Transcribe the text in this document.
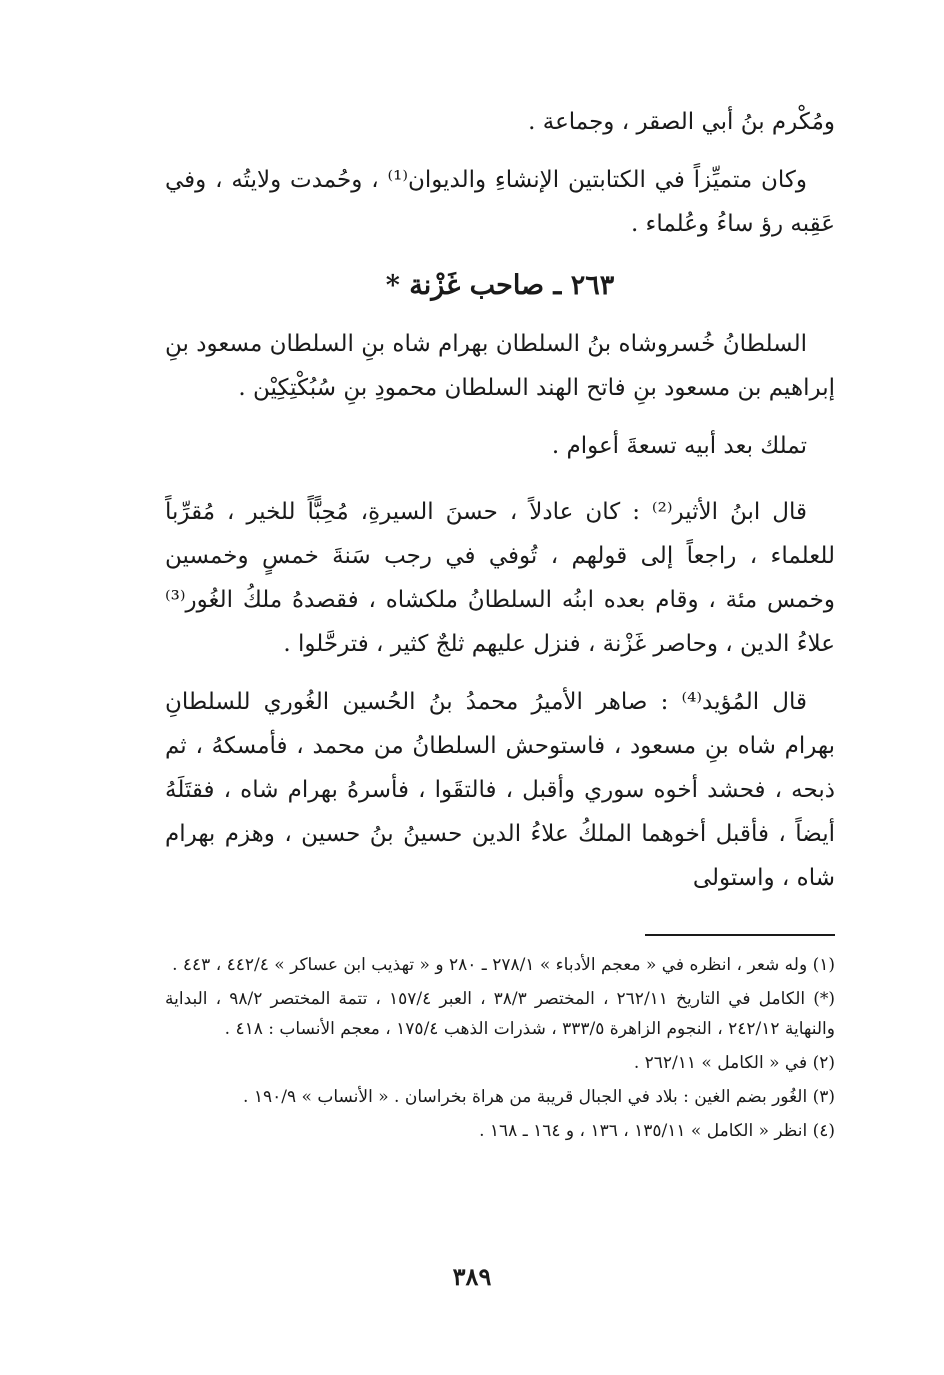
ومُكْرم بنُ أبي الصقر ، وجماعة .

وكان متميِّزاً في الكتابتين الإنشاءِ والديوان⁽¹⁾ ، وحُمدت ولايتُه ، وفي عَقِبه رؤ ساءُ وعُلماء .

٢٦٣ ـ صاحب غَزْنة *

السلطانُ خُسروشاه بنُ السلطان بهرام شاه بنِ السلطان مسعود بنِ إبراهيم بن مسعود بنِ فاتح الهند السلطان محمودِ بنِ سُبُكْتِكِيْن .

تملك بعد أبيه تسعةَ أعوام .

قال ابنُ الأثير⁽²⁾ : كان عادلاً ، حسنَ السيرةِ، مُحِبًّاً للخير ، مُقرِّباً للعلماء ، راجعاً إلى قولهم ، تُوفي في رجب سَنةَ خمسٍ وخمسين وخمس مئة ، وقام بعده ابنُه السلطانُ ملكشاه ، فقصدهُ ملكُ الغُور⁽³⁾ علاءُ الدين ، وحاصر غَزْنة ، فنزل عليهم ثلجٌ كثير ، فترحَّلوا .

قال المُؤيد⁽⁴⁾ : صاهر الأميرُ محمدُ بنُ الحُسين الغُوري للسلطانِ بهرام شاه بنِ مسعود ، فاستوحش السلطانُ من محمد ، فأمسكهُ ، ثم ذبحه ، فحشد أخوه سوري وأقبل ، فالتقَوا ، فأسرهُ بهرام شاه ، فقتَلَهُ أيضاً ، فأقبل أخوهما الملكُ علاءُ الدين حسينُ بنُ حسين ، وهزم بهرام شاه ، واستولى

(١) وله شعر ، انظره في « معجم الأدباء » ٢٧٨/١ ـ ٢٨٠ و « تهذيب ابن عساكر » ٤٤٢/٤ ، ٤٤٣ .

(*) الكامل في التاريخ ٢٦٢/١١ ، المختصر ٣٨/٣ ، العبر ١٥٧/٤ ، تتمة المختصر ٩٨/٢ ، البداية والنهاية ٢٤٢/١٢ ، النجوم الزاهرة ٣٣٣/٥ ، شذرات الذهب ١٧٥/٤ ، معجم الأنساب : ٤١٨ .

(٢) في « الكامل » ٢٦٢/١١ .

(٣) الغُور بضم الغين : بلاد في الجبال قريبة من هراة بخراسان . « الأنساب » ١٩٠/٩ .

(٤) انظر « الكامل » ١٣٥/١١ ، ١٣٦ ، و ١٦٤ ـ ١٦٨ .

٣٨٩
